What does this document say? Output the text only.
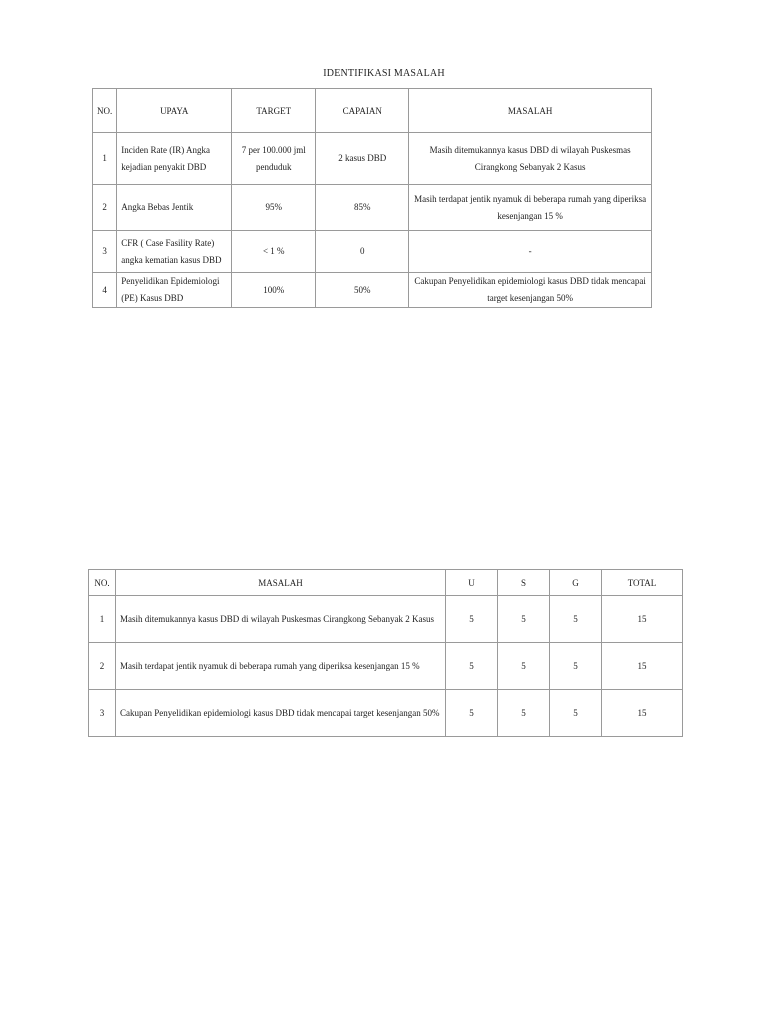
IDENTIFIKASI MASALAH
NO.	UPAYA	TARGET	CAPAIAN	MASALAH
1	Inciden Rate (IR) Angka kejadian penyakit DBD	7 per 100.000 jml penduduk	2 kasus DBD	Masih ditemukannya kasus DBD di wilayah Puskesmas Cirangkong Sebanyak 2 Kasus
2	Angka Bebas Jentik	95%	85%	Masih terdapat jentik nyamuk di beberapa rumah yang diperiksa kesenjangan 15 %
3	CFR ( Case Fasility Rate) angka kematian kasus DBD	< 1 %	0	-
4	Penyelidikan Epidemiologi (PE) Kasus DBD	100%	50%	Cakupan Penyelidikan epidemiologi kasus DBD tidak mencapai target kesenjangan 50%
NO.	MASALAH	U	S	G	TOTAL
1	Masih ditemukannya kasus DBD di wilayah Puskesmas Cirangkong Sebanyak 2 Kasus	5	5	5	15
2	Masih terdapat jentik nyamuk di beberapa rumah yang diperiksa kesenjangan 15 %	5	5	5	15
3	Cakupan Penyelidikan epidemiologi kasus DBD tidak mencapai target kesenjangan 50%	5	5	5	15
